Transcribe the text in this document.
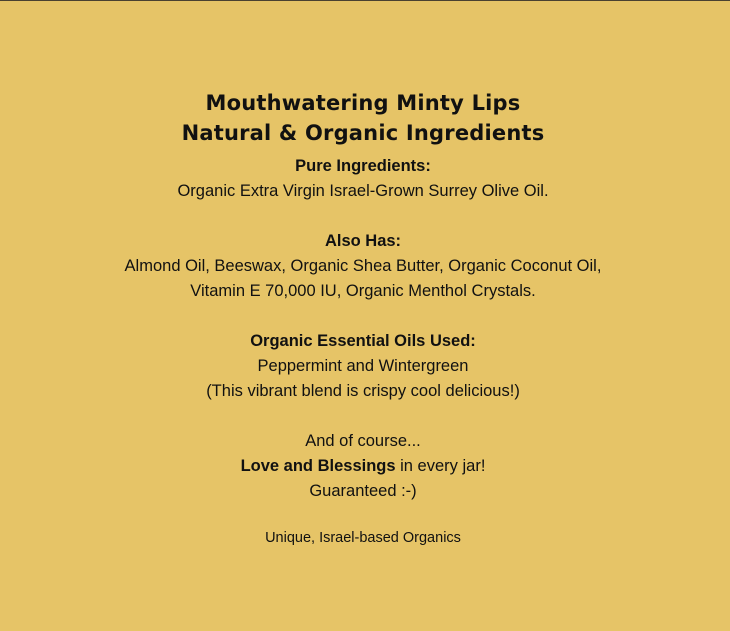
Mouthwatering Minty Lips
Natural & Organic Ingredients
Pure Ingredients:
Organic Extra Virgin Israel-Grown Surrey Olive Oil.
Also Has:
Almond Oil, Beeswax, Organic Shea Butter, Organic Coconut Oil,
Vitamin E 70,000 IU, Organic Menthol Crystals.
Organic Essential Oils Used:
Peppermint and Wintergreen
(This vibrant blend is crispy cool delicious!)
And of course...
Love and Blessings in every jar!
Guaranteed :-)
Unique, Israel-based Organics
